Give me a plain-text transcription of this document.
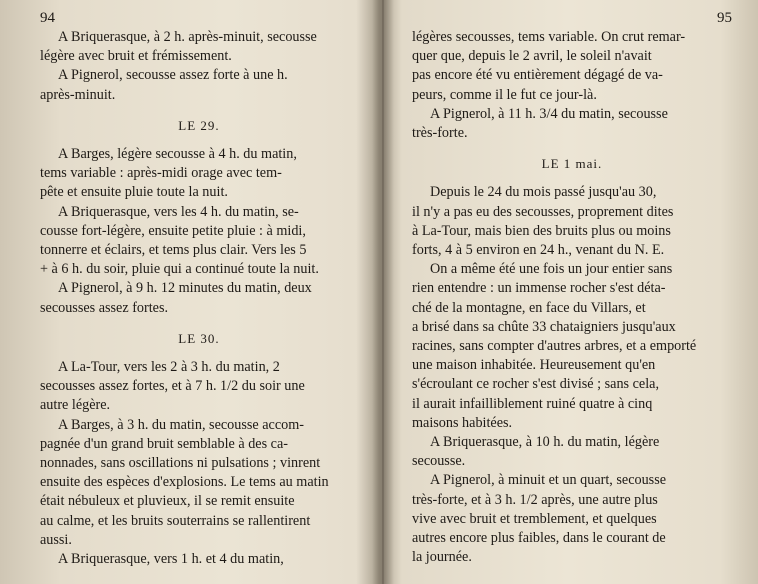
94
A Briquerasque, à 2 h. après-minuit, secousse
légère avec bruit et frémissement.
A Pignerol, secousse assez forte à une h.
après-minuit.
LE 29.
A Barges, légère secousse à 4 h. du matin,
tems variable : après-midi orage avec tem-
pête et ensuite pluie toute la nuit.
A Briquerasque, vers les 4 h. du matin, se-
cousse fort-légère, ensuite petite pluie : à midi,
tonnerre et éclairs, et tems plus clair. Vers les 5
+ à 6 h. du soir, pluie qui a continué toute la nuit.
A Pignerol, à 9 h. 12 minutes du matin, deux
secousses assez fortes.
LE 30.
A La-Tour, vers les 2 à 3 h. du matin, 2
secousses assez fortes, et à 7 h. 1/2 du soir une
autre légère.
A Barges, à 3 h. du matin, secousse accom-
pagnée d'un grand bruit semblable à des ca-
nonnades, sans oscillations ni pulsations ; vinrent
ensuite des espèces d'explosions. Le tems au matin
était nébuleux et pluvieux, il se remit ensuite
au calme, et les bruits souterrains se rallentirent
aussi.
A Briquerasque, vers 1 h. et 4 du matin,
95
légères secousses, tems variable. On crut remar-
quer que, depuis le 2 avril, le soleil n'avait
pas encore été vu entièrement dégagé de va-
peurs, comme il le fut ce jour-là.
A Pignerol, à 11 h. 3/4 du matin, secousse
très-forte.
LE 1 mai.
Depuis le 24 du mois passé jusqu'au 30,
il n'y a pas eu des secousses, proprement dites
à La-Tour, mais bien des bruits plus ou moins
forts, 4 à 5 environ en 24 h., venant du N. E.
On a même été une fois un jour entier sans
rien entendre : un immense rocher s'est déta-
ché de la montagne, en face du Villars, et
a brisé dans sa chûte 33 chataigniers jusqu'aux
racines, sans compter d'autres arbres, et a emporté
une maison inhabitée. Heureusement qu'en
s'écroulant ce rocher s'est divisé ; sans cela,
il aurait infailliblement ruiné quatre à cinq
maisons habitées.
A Briquerasque, à 10 h. du matin, légère
secousse.
A Pignerol, à minuit et un quart, secousse
très-forte, et à 3 h. 1/2 après, une autre plus
vive avec bruit et tremblement, et quelques
autres encore plus faibles, dans le courant de
la journée.
